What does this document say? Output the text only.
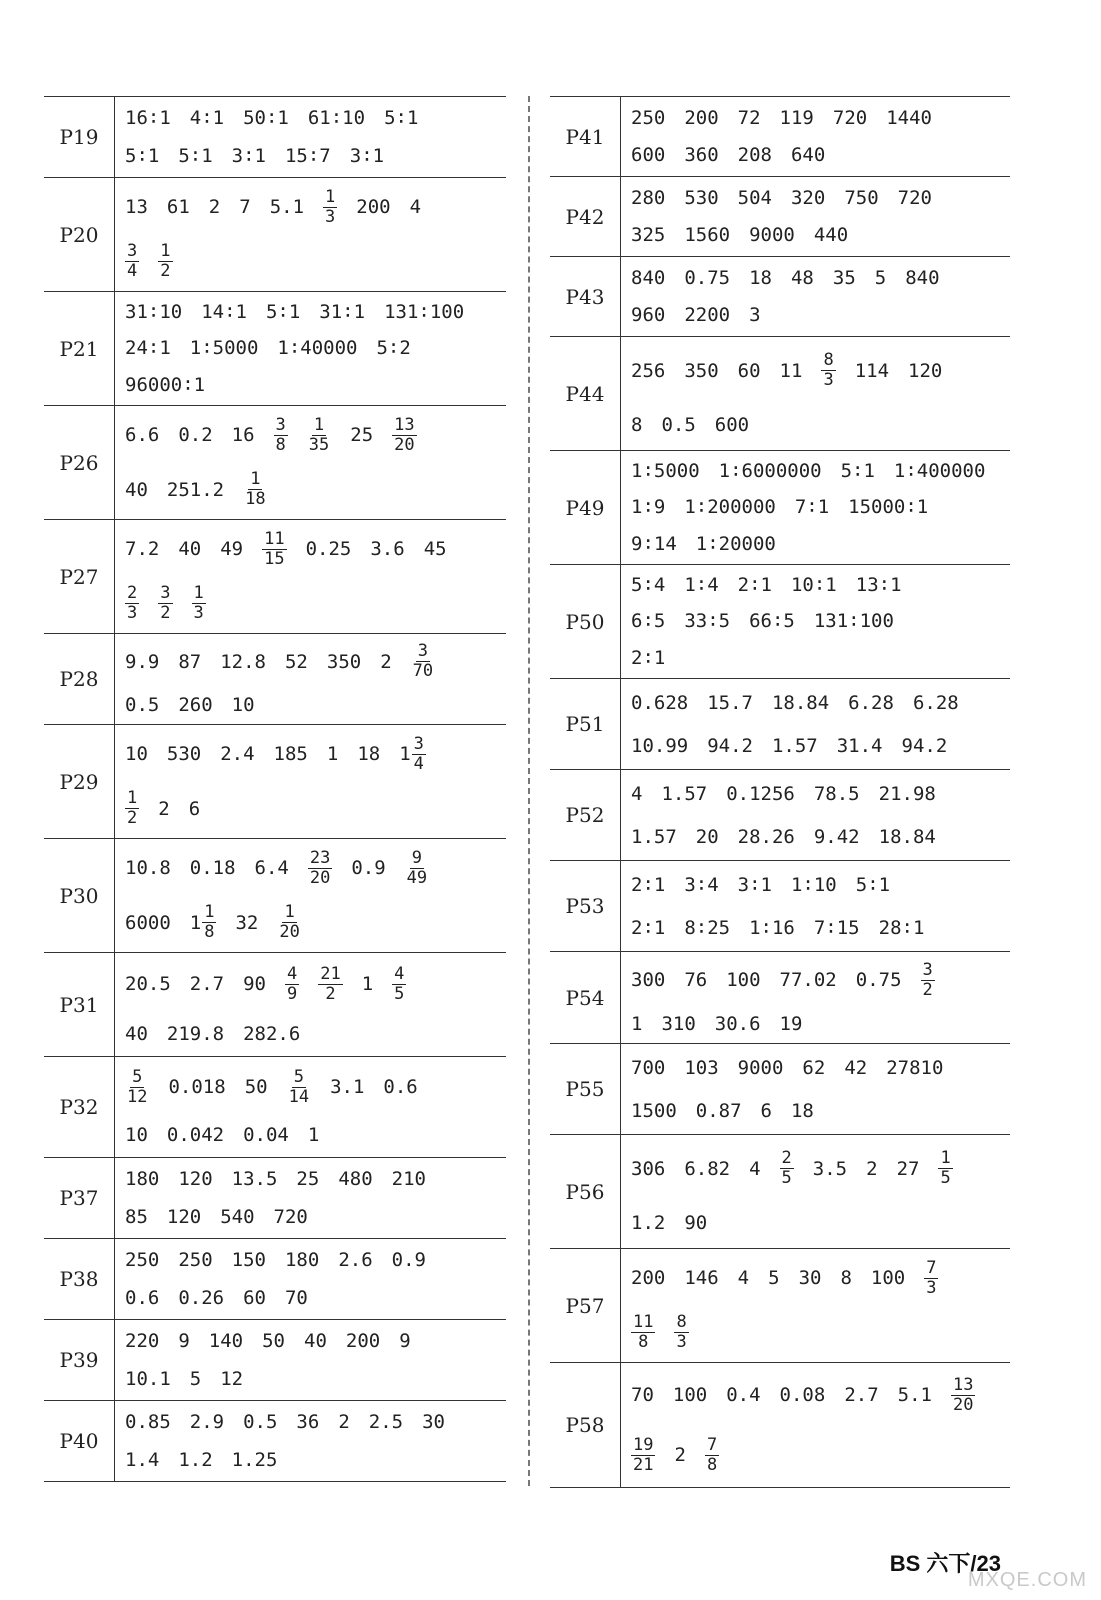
P19
16∶1 4∶1 50∶1 61∶10 5∶1
5∶1 5∶1 3∶1 15∶7 3∶1
P20
13 61 2 7 $5.1 \frac{1}{3} 200$ 4
$\frac{3}{4} \frac{1}{2}$
P21
31∶10 14∶1 5∶1 31∶1 131∶100
24∶1 1∶5000 1∶40000 5∶2
96000∶1
P26
6.6 0.2 $16 \frac{3}{8} \frac{1}{35} 25 \frac{13}{20}$
40 $251.2 \frac{1}{18}$
P27
7.2 40 $49 \frac{11}{15} 0.25$ 3.6 45
$\frac{2}{3} \frac{3}{2} \frac{1}{3}$
P28
9.9 87 12.8 52 350 $2 \frac{3}{70}$
0.5 260 10
P29
10 530 2.4 185 1 18 $1 \frac{3}{4}$
$\frac{1}{2} 2$ 6
P30
10.8 0.18 $6.4 \frac{23}{20} 0.9 \frac{9}{49}$
6000 $1 \frac{1}{8} 32 \frac{1}{20}$
P31
20.5 2.7 $90 \frac{4}{9} \frac{21}{2} 1 \frac{4}{5}$
40 219.8 282.6
P32
$\frac{5}{12} 0.018$ $50 \frac{5}{14} 3.1$ 0.6
10 0.042 0.04 1
P37
180 120 13.5 25 480 210
85 120 540 720
P38
250 250 150 180 2.6 0.9
0.6 0.26 60 70
P39
220 9 140 50 40 200 9
10.1 5 12
P40
0.85 2.9 0.5 36 2 2.5 30
1.4 1.2 1.25
P41
250 200 72 119 720 1440
600 360 208 640
P42
280 530 504 320 750 720
325 1560 9000 440
P43
840 0.75 18 48 35 5 840
960 2200 3
P44
256 350 60 $11 \frac{8}{3} 114$ 120
8 0.5 600
P49
1∶5000 1∶6000000 5∶1 1∶400000
1∶9 1∶200000 7∶1 15000∶1
9∶14 1∶20000
P50
5∶4 1∶4 2∶1 10∶1 13∶1
6∶5 33∶5 66∶5 131∶100
2∶1
P51
0.628 15.7 18.84 6.28 6.28
10.99 94.2 1.57 31.4 94.2
P52
4 1.57 0.1256 78.5 21.98
1.57 20 28.26 9.42 18.84
P53
2∶1 3∶4 3∶1 1∶10 5∶1
2∶1 8∶25 1∶16 7∶15 28∶1
P54
300 76 100 77.02 $0.75 \frac{3}{2}$
1 310 30.6 19
P55
700 103 9000 62 42 27810
1500 0.87 6 18
P56
306 6.82 $4 \frac{2}{5} 3.5$ 2 $27 \frac{1}{5}$
1.2 90
P57
200 146 4 5 30 8 $100 \frac{7}{3}$
$\frac{11}{8} \frac{8}{3}$
P58
70 100 0.4 0.08 2.7 $5.1 \frac{13}{20}$
$\frac{19}{21} 2 \frac{7}{8}$
BS 六下/23
MXQE.COM
